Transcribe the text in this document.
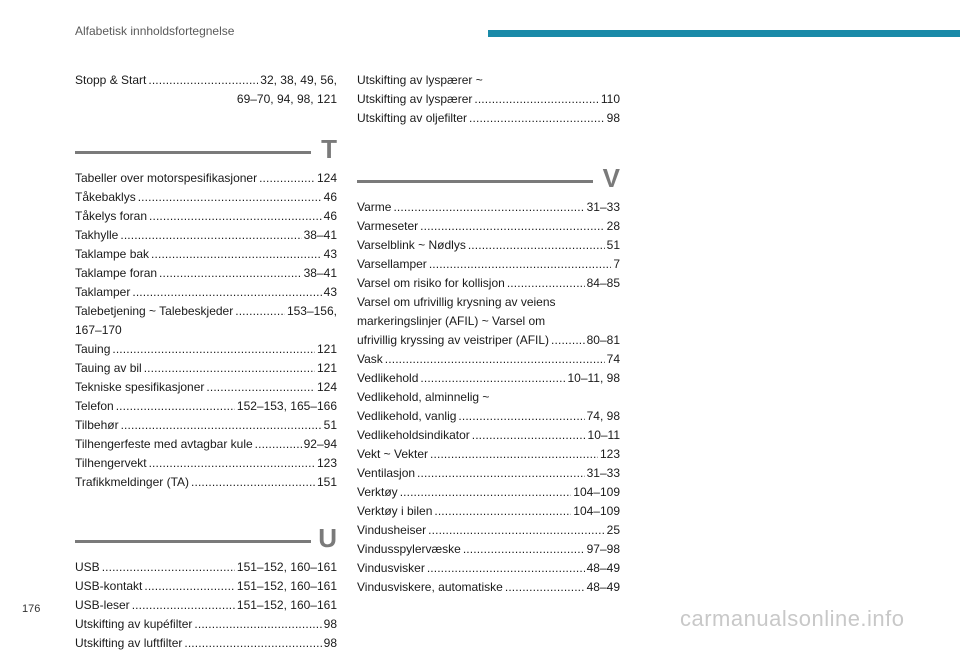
Alfabetisk innholdsfortegnelse
Stopp & Start . . .	32, 38, 49, 56,
69–70, 94, 98, 121
T
Tabeller over motorspesifikasjoner . . .	124
Tåkebaklys . . .	46
Tåkelys foran . . .	46
Takhylle . . .	38–41
Taklampe bak . . .	43
Taklampe foran . . .	38–41
Taklamper . . .	43
Talebetjening ~ Talebeskjeder . . .	153–156,
167–170
Tauing . . .	121
Tauing av bil . . .	121
Tekniske spesifikasjoner . . .	124
Telefon . . .	152–153, 165–166
Tilbehør . . .	51
Tilhengerfeste med avtagbar kule . . .	92–94
Tilhengervekt . . .	123
Trafikkmeldinger (TA) . . .	151
U
USB . . .	151–152, 160–161
USB-kontakt . . .	151–152, 160–161
USB-leser . . .	151–152, 160–161
Utskifting av kupéfilter . . .	98
Utskifting av luftfilter . . .	98
Utskifting av lyspærer ~
Utskifting av lyspærer . . .	110
Utskifting av oljefilter . . .	98
V
Varme . . .	31–33
Varmeseter . . .	28
Varselblink ~ Nødlys . . .	51
Varsellamper . . .	7
Varsel om risiko for kollisjon . . .	84–85
Varsel om ufrivillig krysning av veiens
markeringslinjer (AFIL) ~ Varsel om
ufrivillig kryssing av veistriper (AFIL) . . .	80–81
Vask . . .	74
Vedlikehold . . .	10–11, 98
Vedlikehold, alminnelig ~
Vedlikehold, vanlig . . .	74, 98
Vedlikeholdsindikator . . .	10–11
Vekt ~ Vekter . . .	123
Ventilasjon . . .	31–33
Verktøy . . .	104–109
Verktøy i bilen . . .	104–109
Vindusheiser . . .	25
Vindusspylervæske . . .	97–98
Vindusvisker . . .	48–49
Vindusviskere, automatiske . . .	48–49
176	carmanualsonline.info
